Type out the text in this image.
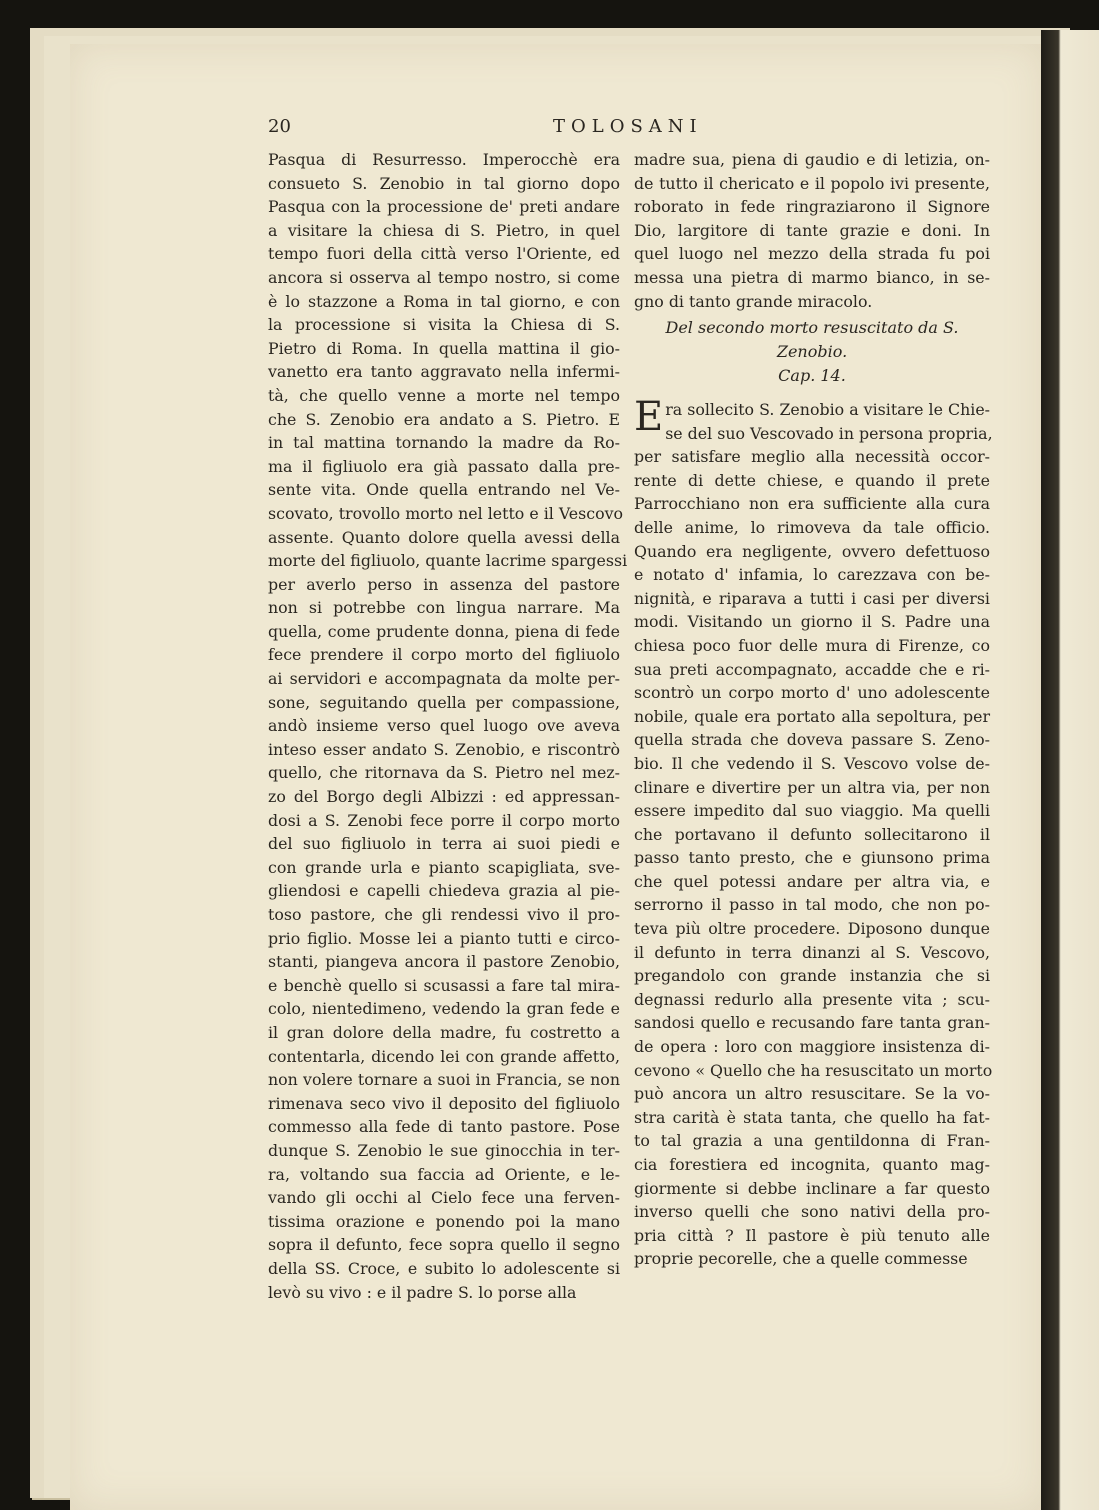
20	TOLOSANI
Pasqua di Resurresso. Imperocchè era
consueto S. Zenobio in tal giorno dopo
Pasqua con la processione de' preti andare
a visitare la chiesa di S. Pietro, in quel
tempo fuori della città verso l'Oriente, ed
ancora si osserva al tempo nostro, si come
è lo stazzone a Roma in tal giorno, e con
la processione si visita la Chiesa di S.
Pietro di Roma. In quella mattina il gio-
vanetto era tanto aggravato nella infermi-
tà, che quello venne a morte nel tempo
che S. Zenobio era andato a S. Pietro. E
in tal mattina tornando la madre da Ro-
ma il figliuolo era già passato dalla pre-
sente vita. Onde quella entrando nel Ve-
scovato, trovollo morto nel letto e il Vescovo
assente. Quanto dolore quella avessi della
morte del figliuolo, quante lacrime spargessi
per averlo perso in assenza del pastore
non si potrebbe con lingua narrare. Ma
quella, come prudente donna, piena di fede
fece prendere il corpo morto del figliuolo
ai servidori e accompagnata da molte per-
sone, seguitando quella per compassione,
andò insieme verso quel luogo ove aveva
inteso esser andato S. Zenobio, e riscontrò
quello, che ritornava da S. Pietro nel mez-
zo del Borgo degli Albizzi : ed appressan-
dosi a S. Zenobi fece porre il corpo morto
del suo figliuolo in terra ai suoi piedi e
con grande urla e pianto scapigliata, sve-
gliendosi e capelli chiedeva grazia al pie-
toso pastore, che gli rendessi vivo il pro-
prio figlio. Mosse lei a pianto tutti e circo-
stanti, piangeva ancora il pastore Zenobio,
e benchè quello si scusassi a fare tal mira-
colo, nientedimeno, vedendo la gran fede e
il gran dolore della madre, fu costretto a
contentarla, dicendo lei con grande affetto,
non volere tornare a suoi in Francia, se non
rimenava seco vivo il deposito del figliuolo
commesso alla fede di tanto pastore. Pose
dunque S. Zenobio le sue ginocchia in ter-
ra, voltando sua faccia ad Oriente, e le-
vando gli occhi al Cielo fece una ferven-
tissima orazione e ponendo poi la mano
sopra il defunto, fece sopra quello il segno
della SS. Croce, e subito lo adolescente si
levò su vivo : e il padre S. lo porse alla
madre sua, piena di gaudio e di letizia, on-
de tutto il chericato e il popolo ivi presente,
roborato in fede ringraziarono il Signore
Dio, largitore di tante grazie e doni. In
quel luogo nel mezzo della strada fu poi
messa una pietra di marmo bianco, in se-
gno di tanto grande miracolo.
Del secondo morto resuscitato da S. Zenobio.
Cap. 14.
Era sollecito S. Zenobio a visitare le Chie-
se del suo Vescovado in persona propria,
per satisfare meglio alla necessità occor-
rente di dette chiese, e quando il prete
Parrocchiano non era sufficiente alla cura
delle anime, lo rimoveva da tale officio.
Quando era negligente, ovvero defettuoso
e notato d' infamia, lo carezzava con be-
nignità, e riparava a tutti i casi per diversi
modi. Visitando un giorno il S. Padre una
chiesa poco fuor delle mura di Firenze, co
sua preti accompagnato, accadde che e ri-
scontrò un corpo morto d' uno adolescente
nobile, quale era portato alla sepoltura, per
quella strada che doveva passare S. Zeno-
bio. Il che vedendo il S. Vescovo volse de-
clinare e divertire per un altra via, per non
essere impedito dal suo viaggio. Ma quelli
che portavano il defunto sollecitarono il
passo tanto presto, che e giunsono prima
che quel potessi andare per altra via, e
serrorno il passo in tal modo, che non po-
teva più oltre procedere. Diposono dunque
il defunto in terra dinanzi al S. Vescovo,
pregandolo con grande instanzia che si
degnassi redurlo alla presente vita ; scu-
sandosi quello e recusando fare tanta gran-
de opera : loro con maggiore insistenza di-
cevono « Quello che ha resuscitato un morto
può ancora un altro resuscitare. Se la vo-
stra carità è stata tanta, che quello ha fat-
to tal grazia a una gentildonna di Fran-
cia forestiera ed incognita, quanto mag-
giormente si debbe inclinare a far questo
inverso quelli che sono nativi della pro-
pria città ? Il pastore è più tenuto alle
proprie pecorelle, che a quelle commesse
